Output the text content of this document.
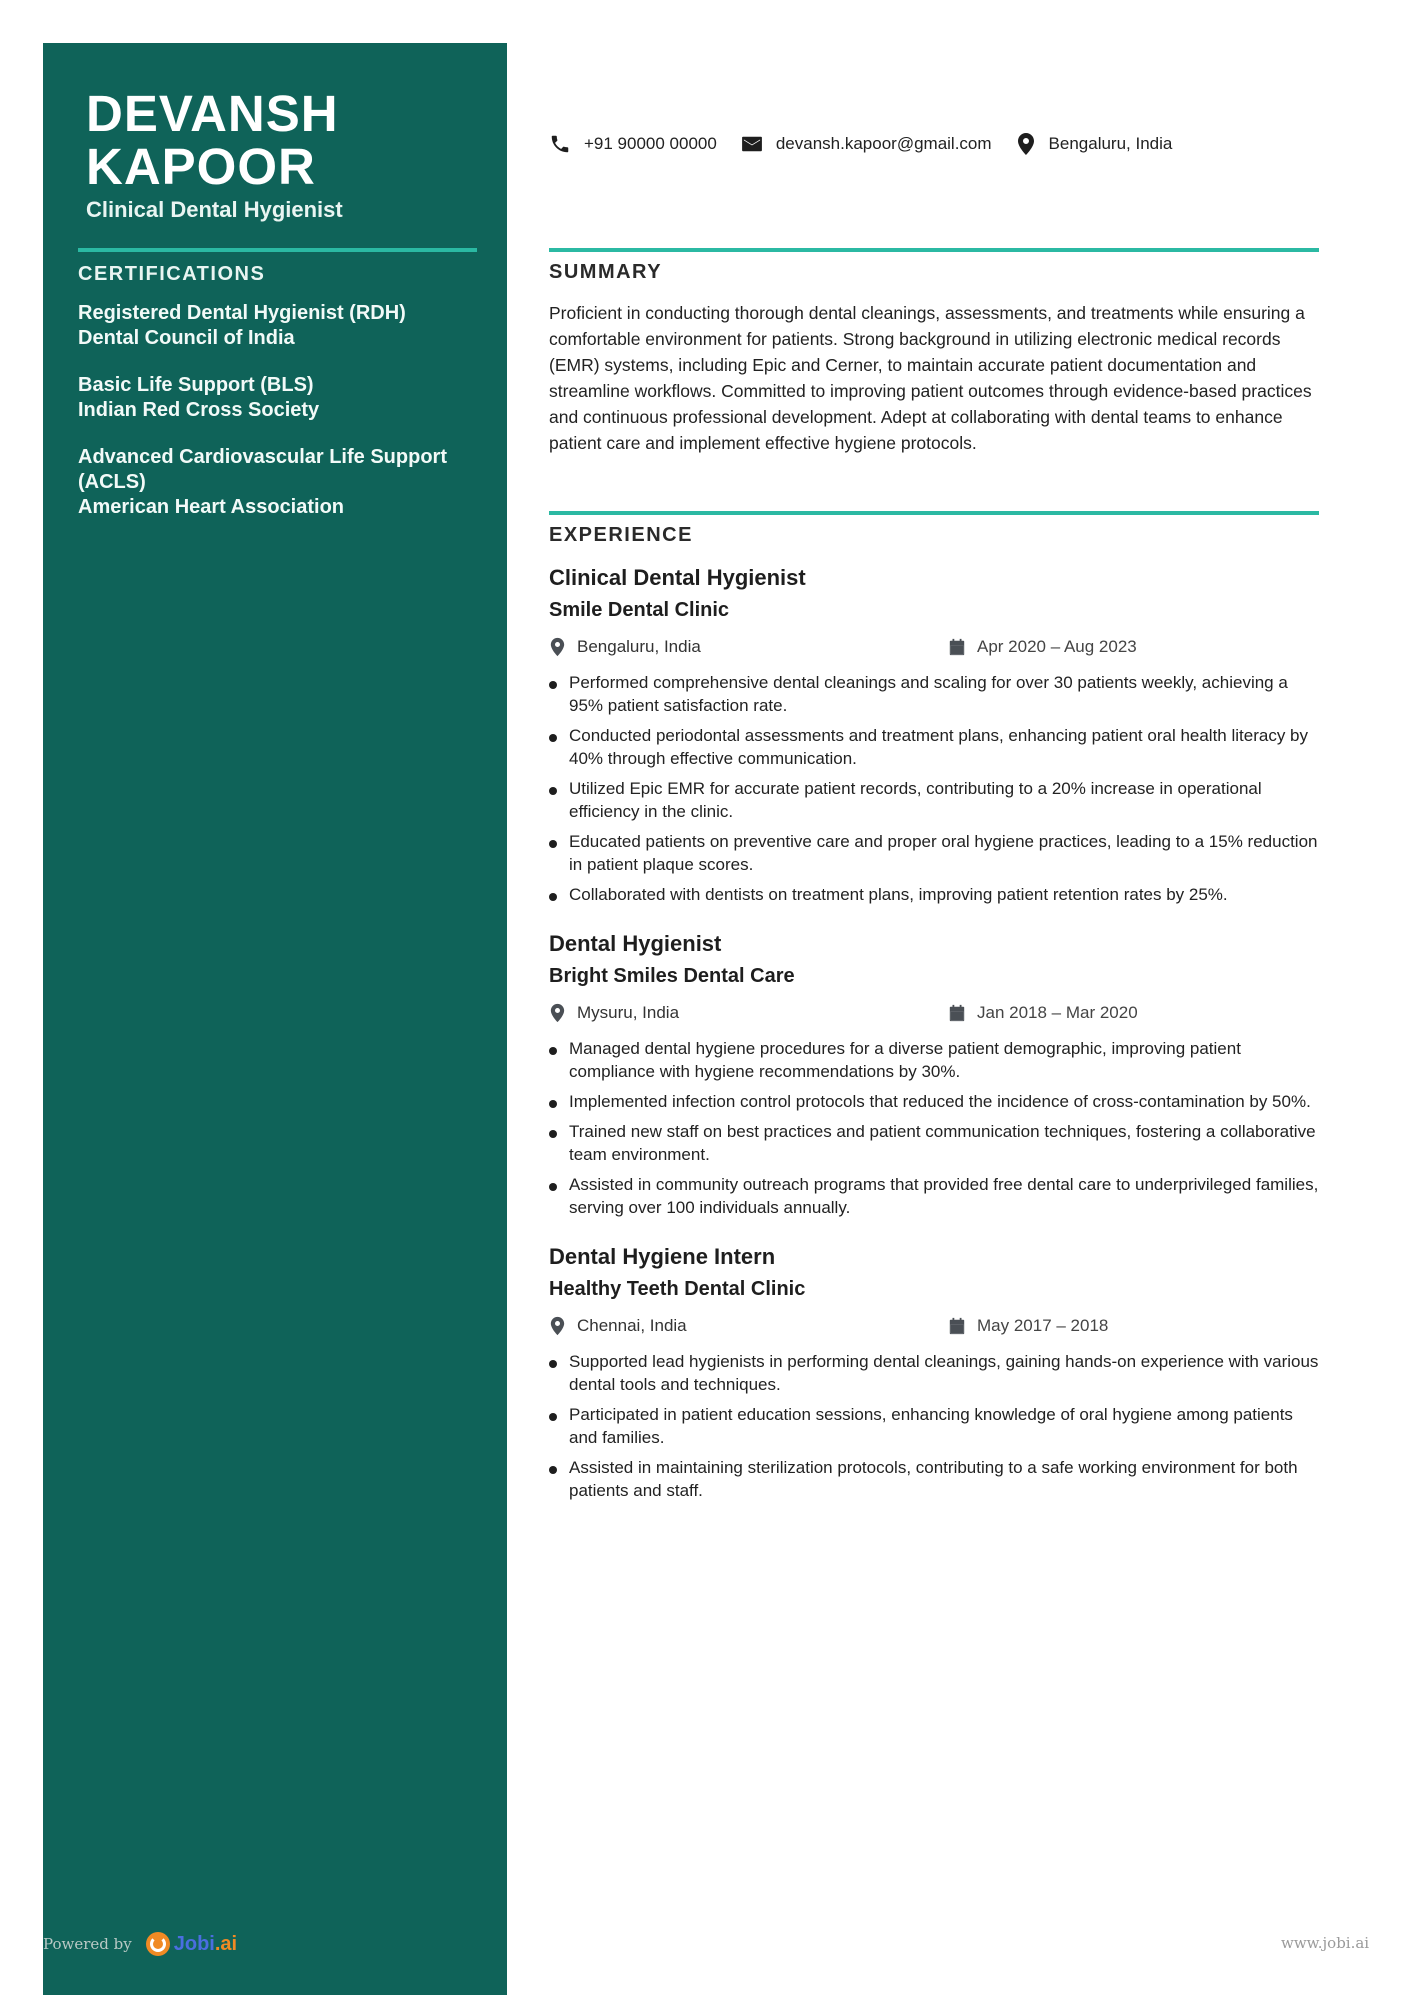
DEVANSH KAPOOR
Clinical Dental Hygienist
CERTIFICATIONS
Registered Dental Hygienist (RDH)
Dental Council of India
Basic Life Support (BLS)
Indian Red Cross Society
Advanced Cardiovascular Life Support (ACLS)
American Heart Association
+91 90000 00000	devansh.kapoor@gmail.com	Bengaluru, India
SUMMARY

Proficient in conducting thorough dental cleanings, assessments, and treatments while ensuring a comfortable environment for patients. Strong background in utilizing electronic medical records (EMR) systems, including Epic and Cerner, to maintain accurate patient documentation and streamline workflows. Committed to improving patient outcomes through evidence-based practices and continuous professional development. Adept at collaborating with dental teams to enhance patient care and implement effective hygiene protocols.

EXPERIENCE
Clinical Dental Hygienist
Smile Dental Clinic
Bengaluru, India	Apr 2020 – Aug 2023
Performed comprehensive dental cleanings and scaling for over 30 patients weekly, achieving a 95% patient satisfaction rate.
Conducted periodontal assessments and treatment plans, enhancing patient oral health literacy by 40% through effective communication.
Utilized Epic EMR for accurate patient records, contributing to a 20% increase in operational efficiency in the clinic.
Educated patients on preventive care and proper oral hygiene practices, leading to a 15% reduction in patient plaque scores.
Collaborated with dentists on treatment plans, improving patient retention rates by 25%.
Dental Hygienist
Bright Smiles Dental Care
Mysuru, India	Jan 2018 – Mar 2020
Managed dental hygiene procedures for a diverse patient demographic, improving patient compliance with hygiene recommendations by 30%.
Implemented infection control protocols that reduced the incidence of cross-contamination by 50%.
Trained new staff on best practices and patient communication techniques, fostering a collaborative team environment.
Assisted in community outreach programs that provided free dental care to underprivileged families, serving over 100 individuals annually.
Dental Hygiene Intern
Healthy Teeth Dental Clinic
Chennai, India	May 2017 – 2018
Supported lead hygienists in performing dental cleanings, gaining hands-on experience with various dental tools and techniques.
Participated in patient education sessions, enhancing knowledge of oral hygiene among patients and families.
Assisted in maintaining sterilization protocols, contributing to a safe working environment for both patients and staff.
Powered by Jobi .ai	www.jobi.ai
